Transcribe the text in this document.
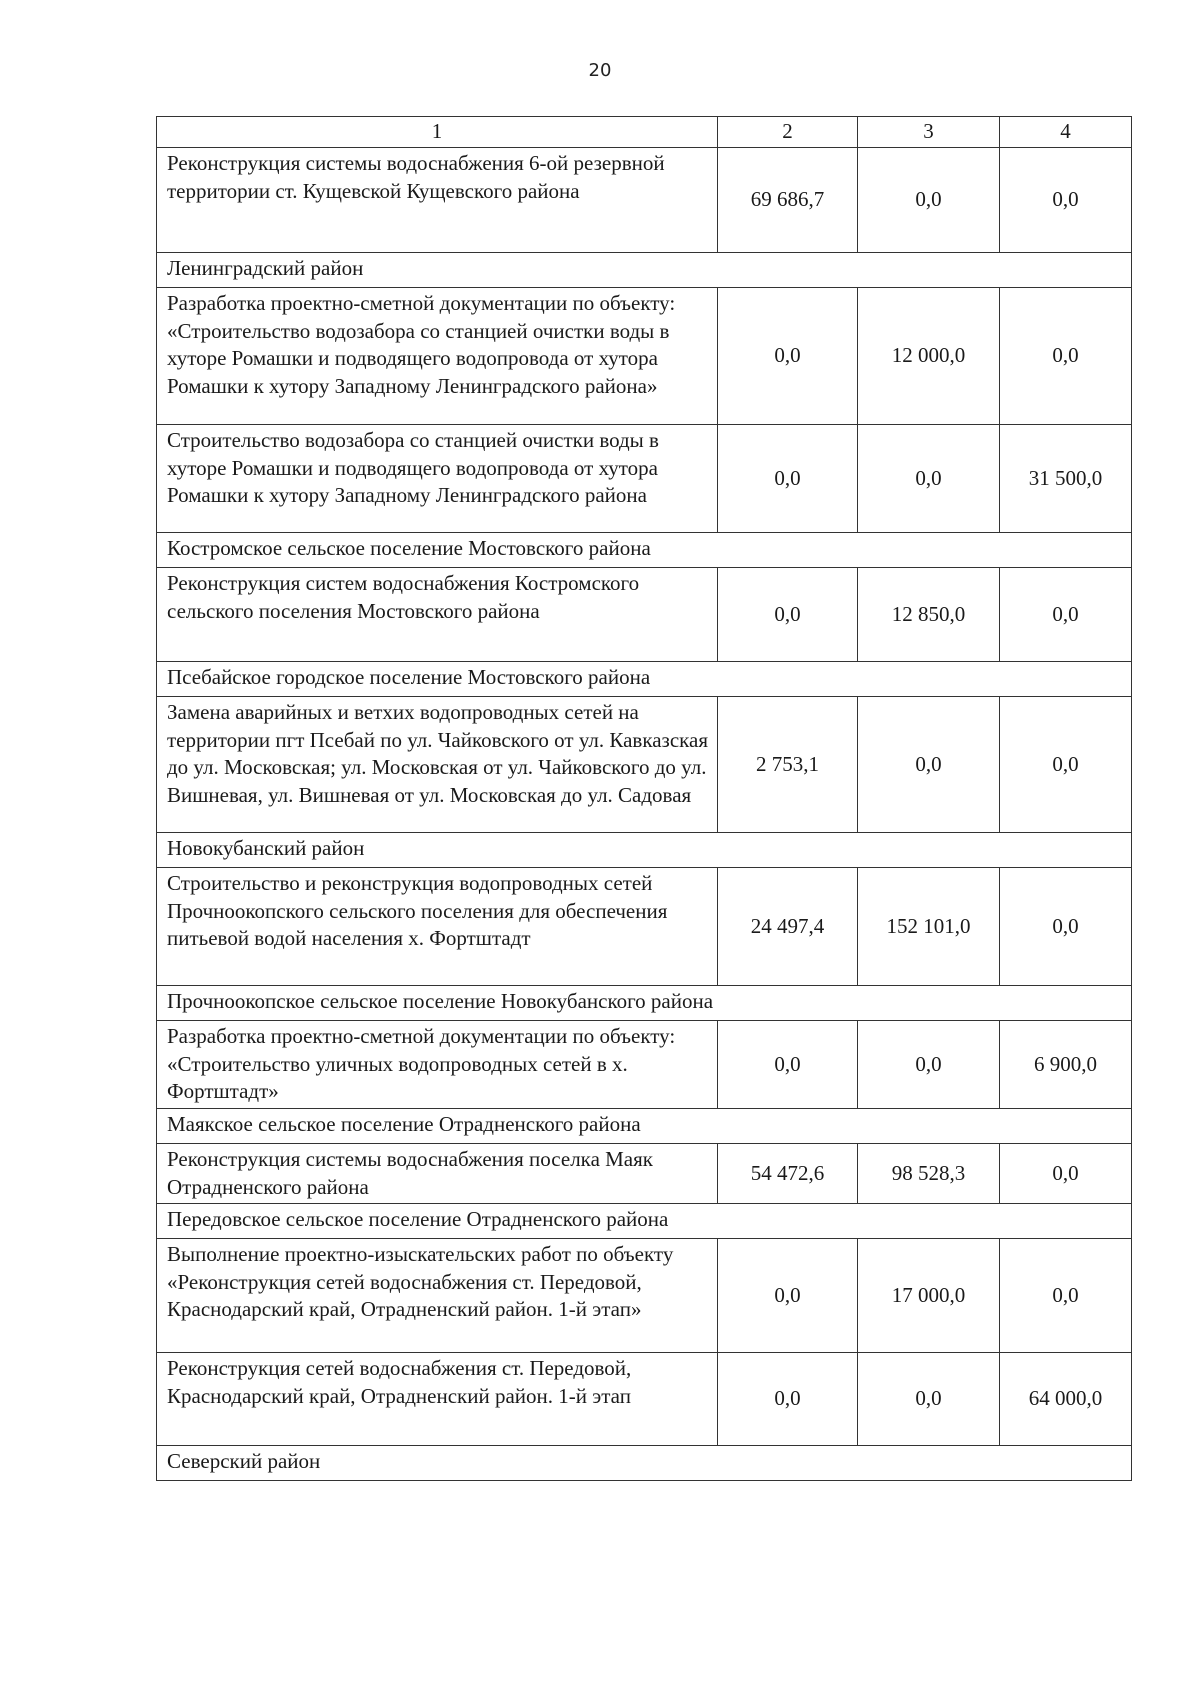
20
1	2	3	4
Реконструкция системы водоснабжения 6-ой резервной территории ст. Кущевской Кущевского района	69 686,7	0,0	0,0
Ленинградский район			
Разработка проектно-сметной документации по объекту: «Строительство водозабора со станцией очистки воды в хуторе Ромашки и подводящего водопровода от хутора Ромашки к хутору Западному Ленинградского района»	0,0	12 000,0	0,0
Строительство водозабора со станцией очистки воды в хуторе Ромашки и подводящего водопровода от хутора Ромашки к хутору Западному Ленинградского района	0,0	0,0	31 500,0
Костромское сельское поселение Мостовского района			
Реконструкция систем водоснабжения Костромского сельского поселения Мостовского района	0,0	12 850,0	0,0
Псебайское городское поселение Мостовского района			
Замена аварийных и ветхих водопроводных сетей на территории пгт Псебай по ул. Чайковского от ул. Кавказская до ул. Московская; ул. Московская от ул. Чайковского до ул. Вишневая, ул. Вишневая от ул. Московская до ул. Садовая	2 753,1	0,0	0,0
Новокубанский район			
Строительство и реконструкция водопроводных сетей Прочноокопского сельского поселения для обеспечения питьевой водой населения х. Фортштадт	24 497,4	152 101,0	0,0
Прочноокопское сельское поселение Новокубанского района			
Разработка проектно-сметной документации по объекту: «Строительство уличных водопроводных сетей в х. Фортштадт»	0,0	0,0	6 900,0
Маякское сельское поселение Отрадненского района			
Реконструкция системы водоснабжения поселка Маяк Отрадненского района	54 472,6	98 528,3	0,0
Передовское сельское поселение Отрадненского района			
Выполнение проектно-изыскательских работ по объекту «Реконструкция сетей водоснабжения ст. Передовой, Краснодарский край, Отрадненский район. 1-й этап»	0,0	17 000,0	0,0
Реконструкция сетей водоснабжения ст. Передовой, Краснодарский край, Отрадненский район. 1-й этап	0,0	0,0	64 000,0
Северский район			
